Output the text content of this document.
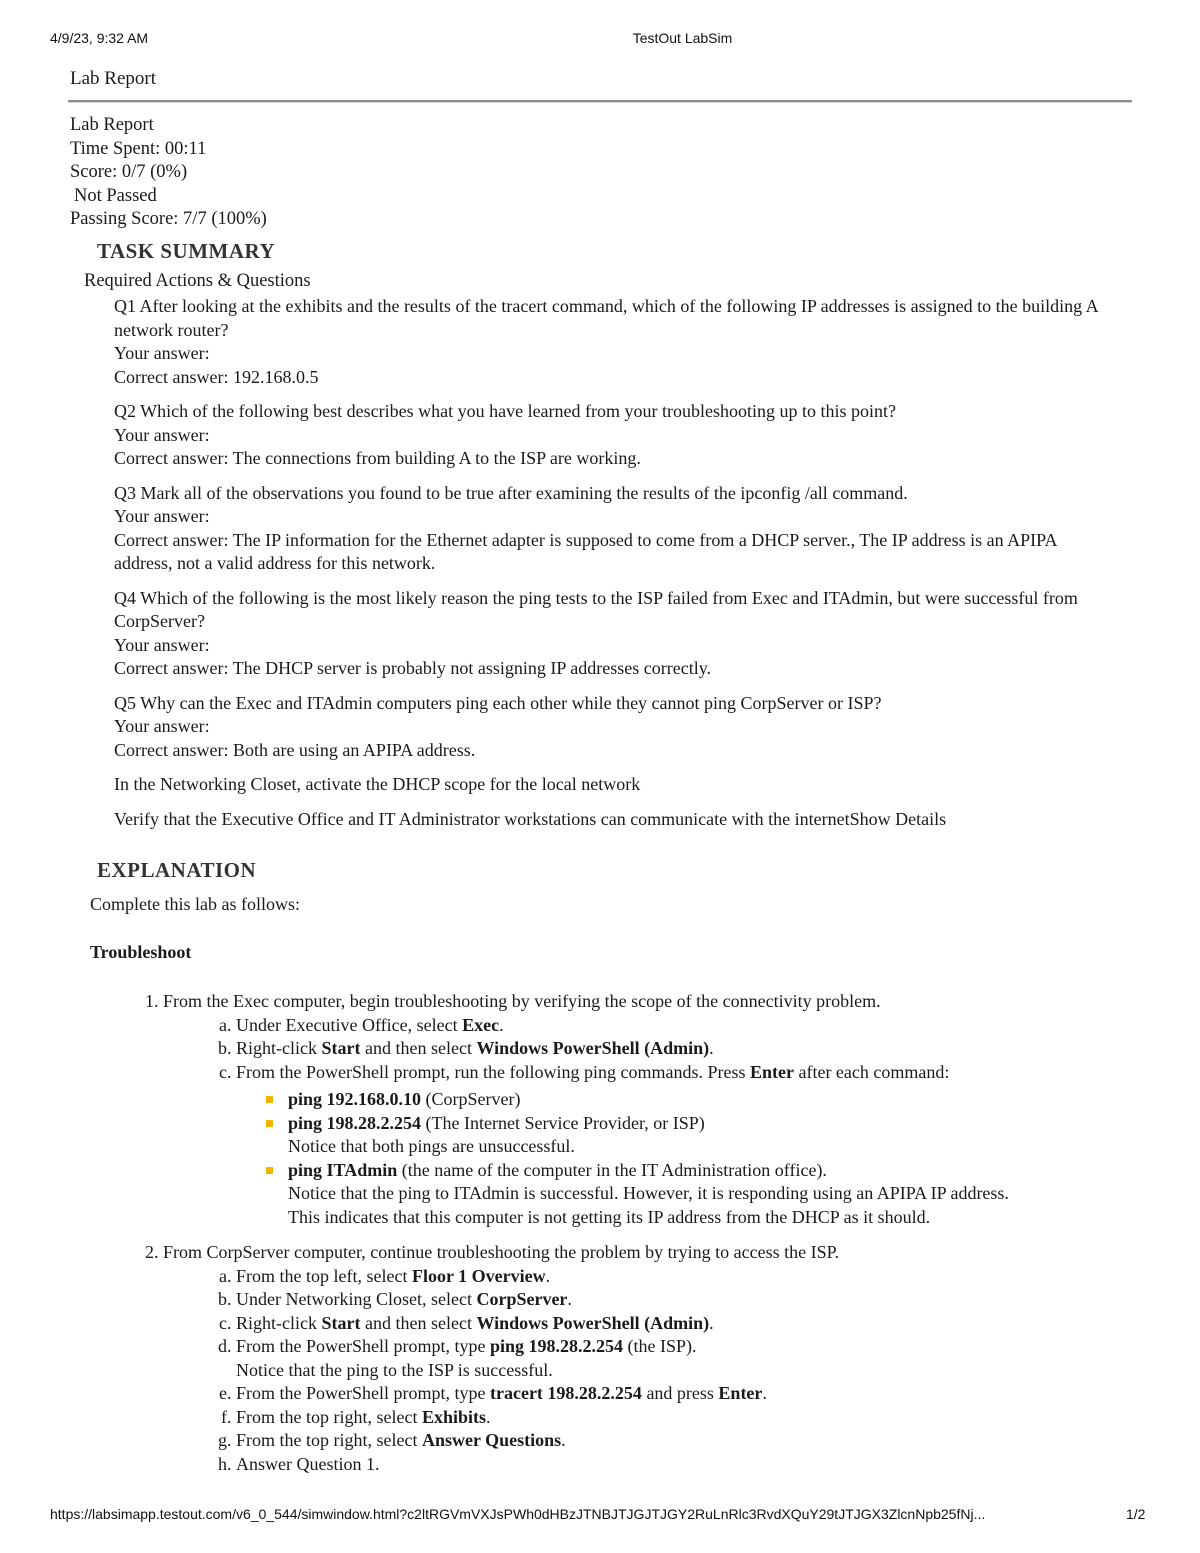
4/9/23, 9:32 AM	TestOut LabSim
Lab Report
Lab Report
Time Spent: 00:11
Score: 0/7 (0%)
Not Passed
Passing Score: 7/7 (100%)
TASK SUMMARY
Required Actions & Questions
Q1 After looking at the exhibits and the results of the tracert command, which of the following IP addresses is assigned to the building A network router?
Your answer:
Correct answer: 192.168.0.5
Q2 Which of the following best describes what you have learned from your troubleshooting up to this point?
Your answer:
Correct answer: The connections from building A to the ISP are working.
Q3 Mark all of the observations you found to be true after examining the results of the ipconfig /all command.
Your answer:
Correct answer: The IP information for the Ethernet adapter is supposed to come from a DHCP server., The IP address is an APIPA address, not a valid address for this network.
Q4 Which of the following is the most likely reason the ping tests to the ISP failed from Exec and ITAdmin, but were successful from CorpServer?
Your answer:
Correct answer: The DHCP server is probably not assigning IP addresses correctly.
Q5 Why can the Exec and ITAdmin computers ping each other while they cannot ping CorpServer or ISP?
Your answer:
Correct answer: Both are using an APIPA address.
In the Networking Closet, activate the DHCP scope for the local network
Verify that the Executive Office and IT Administrator workstations can communicate with the internetShow Details
EXPLANATION

Complete this lab as follows:

Troubleshoot

1. From the Exec computer, begin troubleshooting by verifying the scope of the connectivity problem.
a. Under Executive Office, select Exec.
b. Right-click Start and then select Windows PowerShell (Admin).
c. From the PowerShell prompt, run the following ping commands. Press Enter after each command:
ping 192.168.0.10 (CorpServer)
ping 198.28.2.254 (The Internet Service Provider, or ISP)
Notice that both pings are unsuccessful.
ping ITAdmin (the name of the computer in the IT Administration office).
Notice that the ping to ITAdmin is successful. However, it is responding using an APIPA IP address.
This indicates that this computer is not getting its IP address from the DHCP as it should.
2. From CorpServer computer, continue troubleshooting the problem by trying to access the ISP.
a. From the top left, select Floor 1 Overview.
b. Under Networking Closet, select CorpServer.
c. Right-click Start and then select Windows PowerShell (Admin).
d. From the PowerShell prompt, type ping 198.28.2.254 (the ISP).
Notice that the ping to the ISP is successful.
e. From the PowerShell prompt, type tracert 198.28.2.254 and press Enter.
f. From the top right, select Exhibits.
g. From the top right, select Answer Questions.
h. Answer Question 1.
https://labsimapp.testout.com/v6_0_544/simwindow.html?c2ltRGVmVXJsPWh0dHBzJTNBJTJGJTJGY2RuLnRlc3RvdXQuY29tJTJGX3ZlcnNpb25fNj...	1/2
